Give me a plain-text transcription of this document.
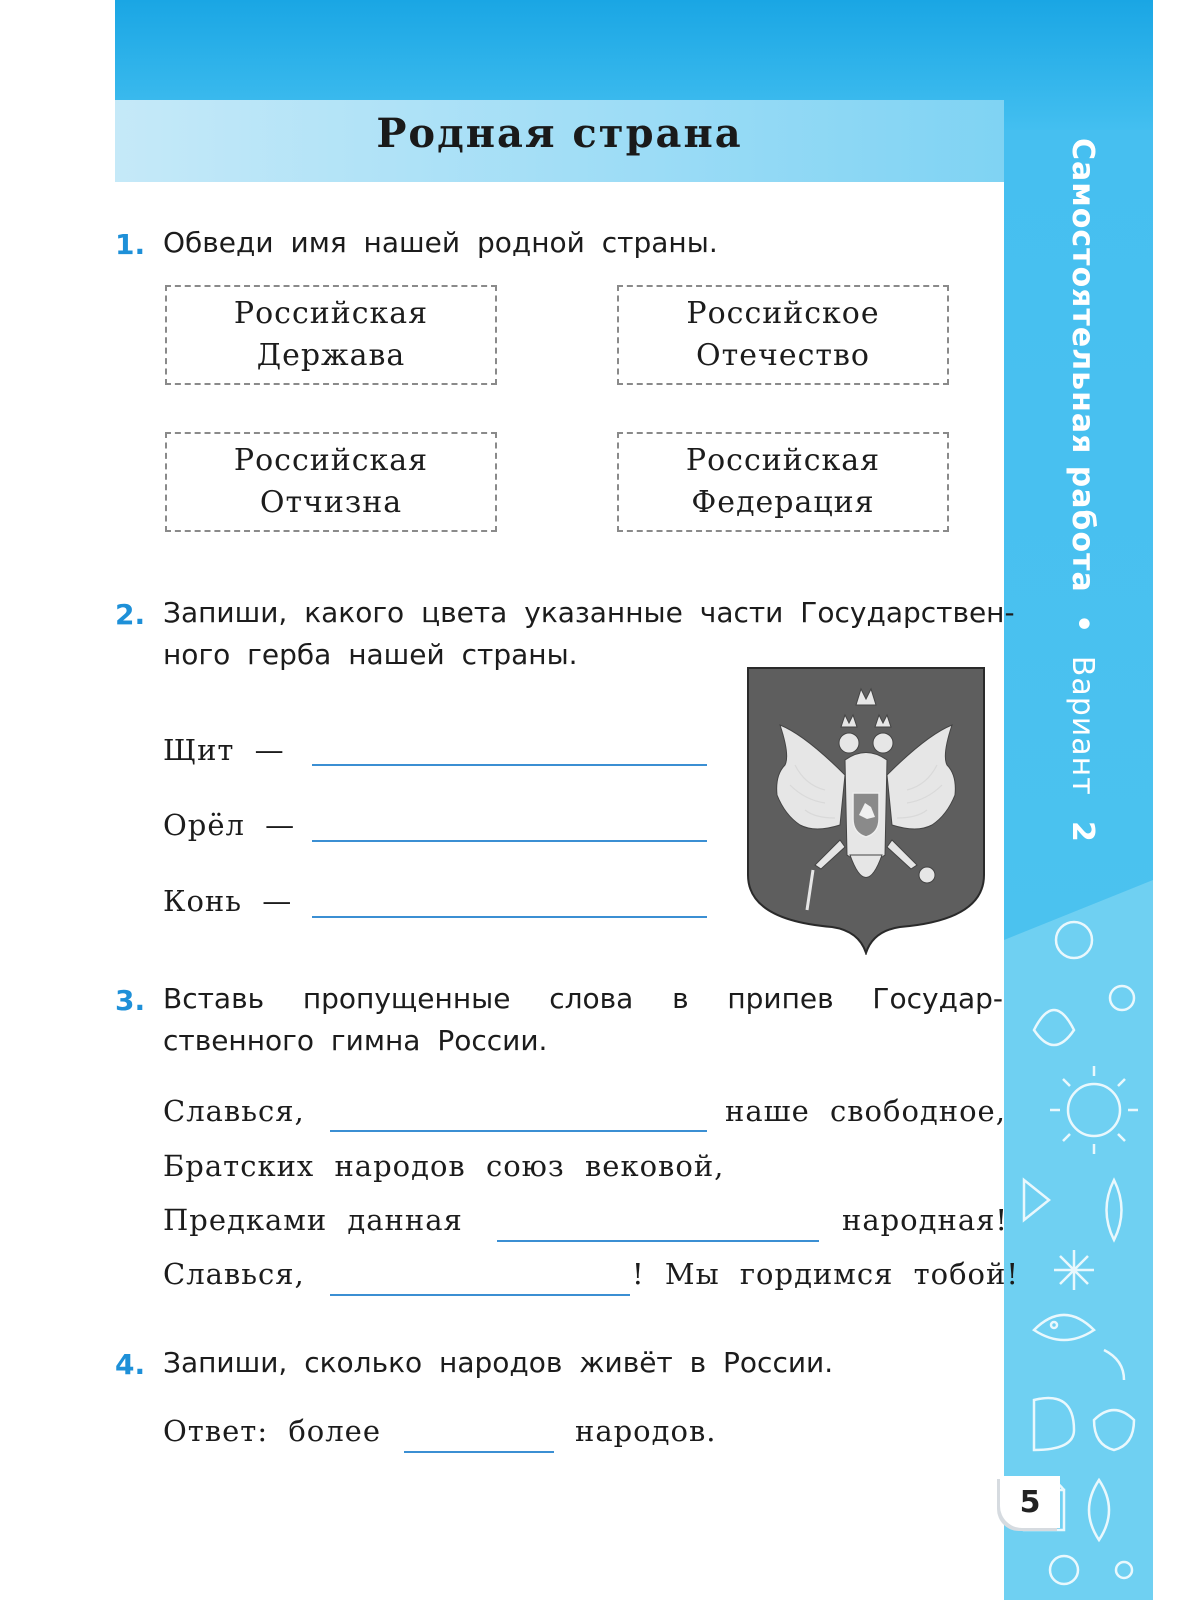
Родная страна
Самостоятельная работа • Вариант 2
5
1. Обведи имя нашей родной страны.
Российская
Держава
Российское
Отечество
Российская
Отчизна
Российская
Федерация
2. Запиши, какого цвета указанные части Государствен-
ного герба нашей страны.
Щит —
Орёл —
Конь —
3. Вставь пропущенные слова в припев Государ-
ственного гимна России.
Славься,	наше свободное,
Братских народов союз вековой,
Предками данная	народная!
Славься,	! Мы гордимся тобой!
4. Запиши, сколько народов живёт в России.
Ответ: более	народов.
